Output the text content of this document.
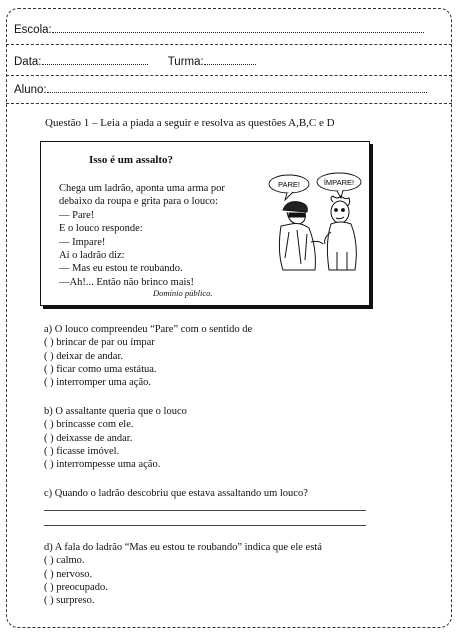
Escola:
Data:	Turma:
Aluno:
Questão 1 – Leia a piada a seguir e resolva as questões A,B,C e D
Isso é um assalto?
Chega um ladrão, aponta uma arma por
debaixo da roupa e grita para o louco:
— Pare!
E o louco responde:
— Impare!
Aí o ladrão diz:
— Mas eu estou te roubando.
—Ah!... Então não brinco mais!
Domínio público.
PARE!	ÍMPARE!
a) O louco compreendeu “Pare” com o sentido de
( ) brincar de par ou ímpar
( ) deixar de andar.
( ) ficar como uma estátua.
( ) interromper uma ação.
b) O assaltante queria que o louco
( ) brincasse com ele.
( ) deixasse de andar.
( ) ficasse imóvel.
( ) interrompesse uma ação.
c) Quando o ladrão descobriu que estava assaltando um louco?
d) A fala do ladrão “Mas eu estou te roubando” indica que ele está
( ) calmo.
( ) nervoso.
( ) preocupado.
( ) surpreso.
